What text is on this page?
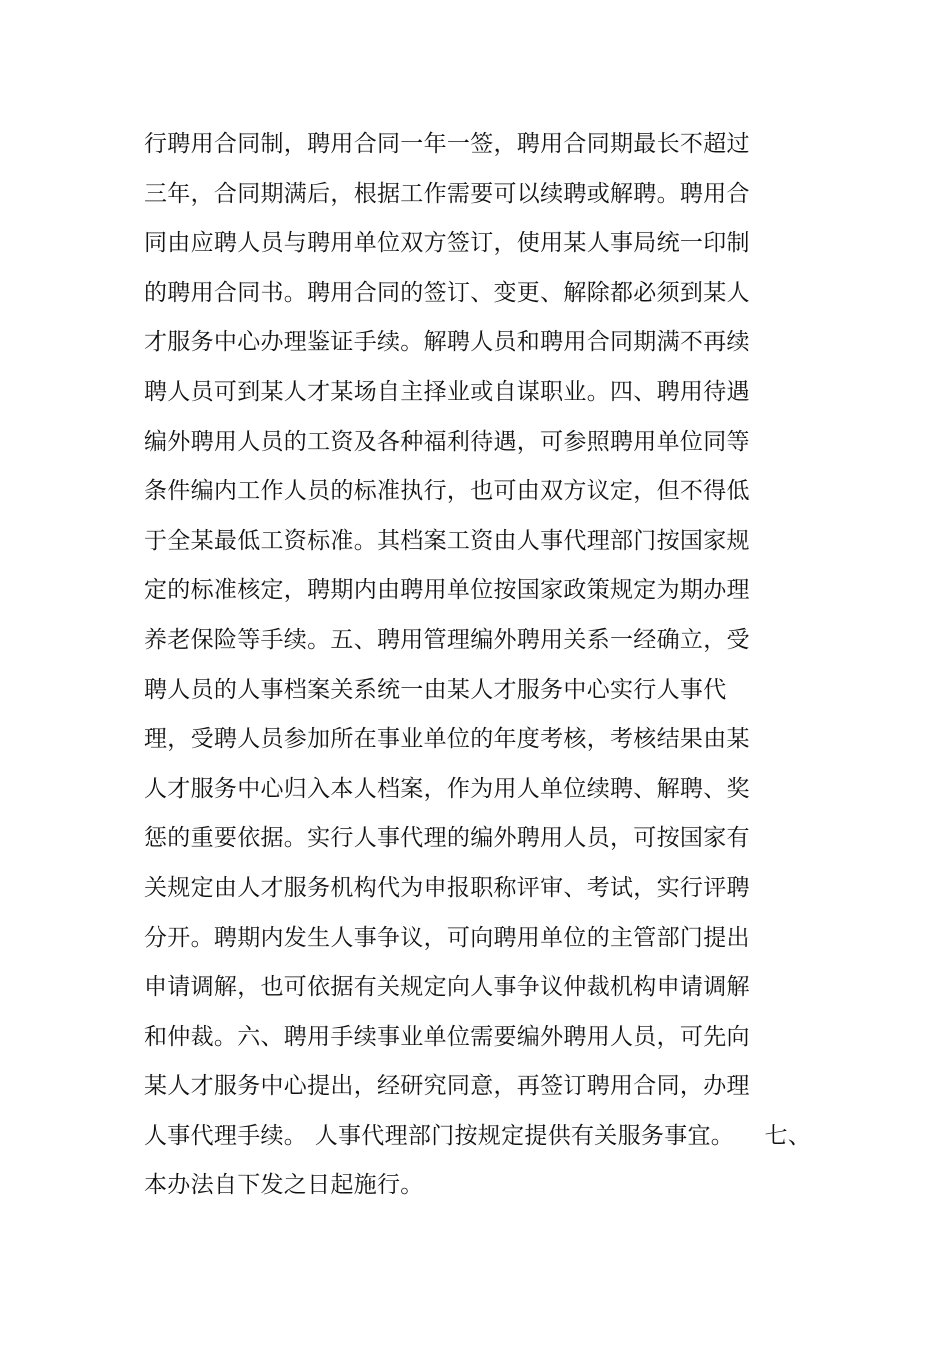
行聘用合同制，聘用合同一年一签，聘用合同期最长不超过
三年，合同期满后，根据工作需要可以续聘或解聘。聘用合
同由应聘人员与聘用单位双方签订，使用某人事局统一印制
的聘用合同书。聘用合同的签订、变更、解除都必须到某人
才服务中心办理鉴证手续。解聘人员和聘用合同期满不再续
聘人员可到某人才某场自主择业或自谋职业。四、聘用待遇
编外聘用人员的工资及各种福利待遇，可参照聘用单位同等
条件编内工作人员的标准执行，也可由双方议定，但不得低
于全某最低工资标准。其档案工资由人事代理部门按国家规
定的标准核定，聘期内由聘用单位按国家政策规定为期办理
养老保险等手续。五、聘用管理编外聘用关系一经确立，受
聘人员的人事档案关系统一由某人才服务中心实行人事代
理，受聘人员参加所在事业单位的年度考核，考核结果由某
人才服务中心归入本人档案，作为用人单位续聘、解聘、奖
惩的重要依据。实行人事代理的编外聘用人员，可按国家有
关规定由人才服务机构代为申报职称评审、考试，实行评聘
分开。聘期内发生人事争议，可向聘用单位的主管部门提出
申请调解，也可依据有关规定向人事争议仲裁机构申请调解
和仲裁。六、聘用手续事业单位需要编外聘用人员，可先向
某人才服务中心提出，经研究同意，再签订聘用合同，办理
人事代理手续。 人事代理部门按规定提供有关服务事宜。    七、
本办法自下发之日起施行。
